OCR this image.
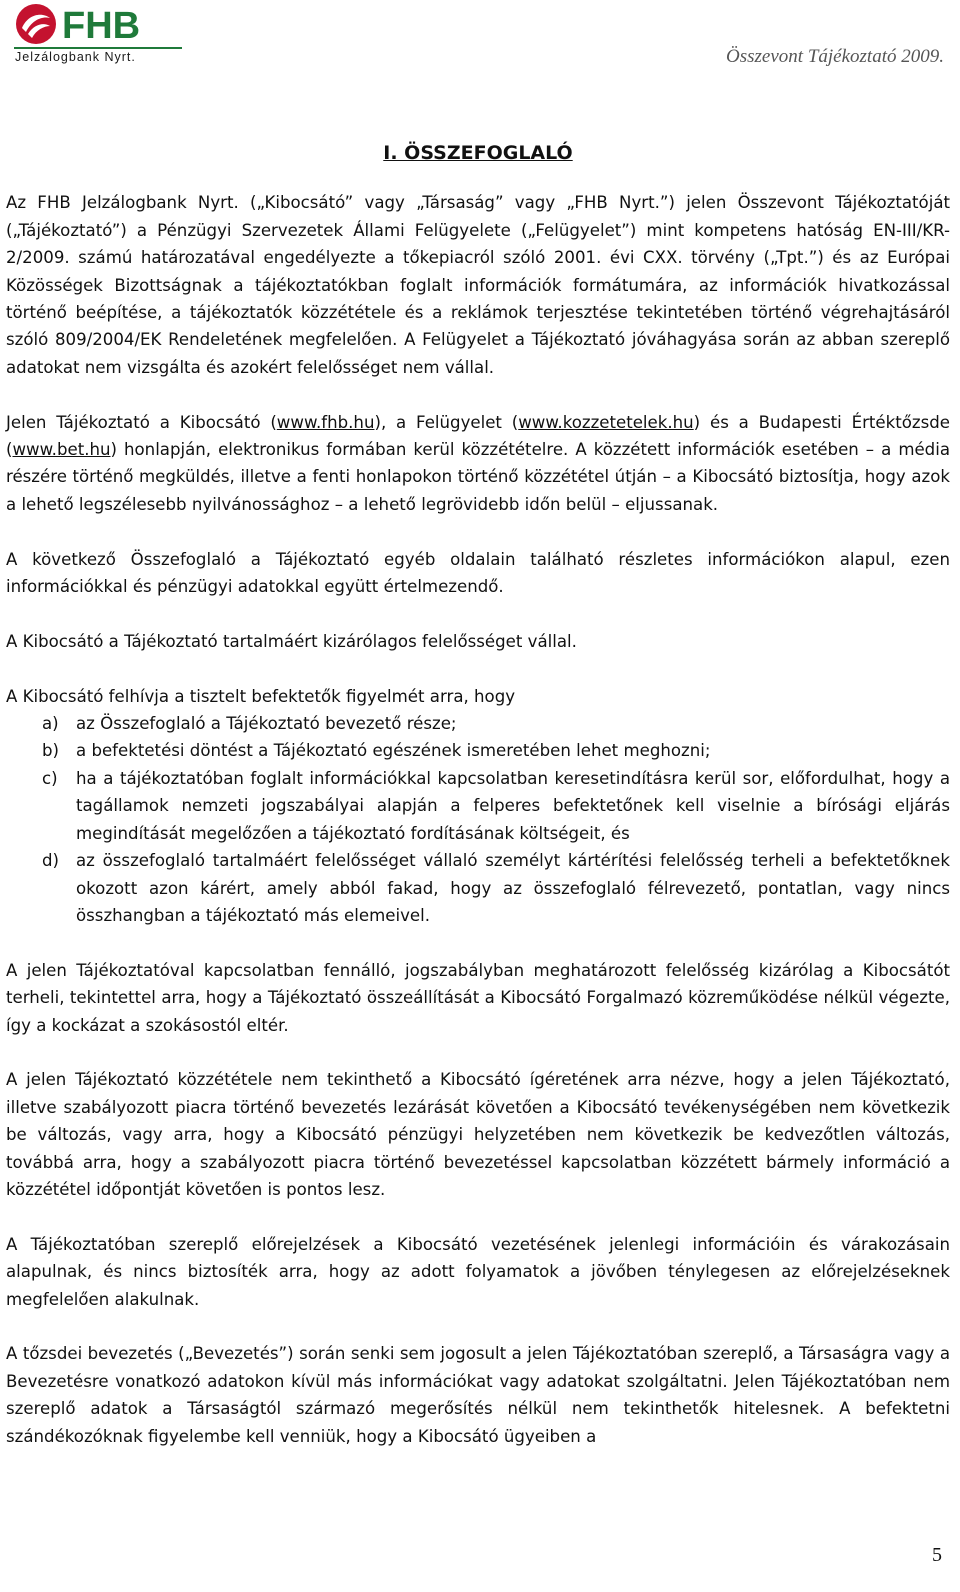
FHB
Jelzálogbank Nyrt.	Összevont Tájékoztató 2009.
I. ÖSSZEFOGLALÓ

Az FHB Jelzálogbank Nyrt. („Kibocsátó” vagy „Társaság” vagy „FHB Nyrt.”) jelen Összevont Tájékoztatóját („Tájékoztató”) a Pénzügyi Szervezetek Állami Felügyelete („Felügyelet”) mint kompetens hatóság EN-III/KR-2/2009. számú határozatával engedélyezte a tőkepiacról szóló 2001. évi CXX. törvény („Tpt.”) és az Európai Közösségek Bizottságnak a tájékoztatókban foglalt információk formátumára, az információk hivatkozással történő beépítése, a tájékoztatók közzététele és a reklámok terjesztése tekintetében történő végrehajtásáról szóló 809/2004/EK Rendeletének megfelelően. A Felügyelet a Tájékoztató jóváhagyása során az abban szereplő adatokat nem vizsgálta és azokért felelősséget nem vállal.

Jelen Tájékoztató a Kibocsátó (www.fhb.hu), a Felügyelet (www.kozzetetelek.hu) és a Budapesti Értéktőzsde (www.bet.hu) honlapján, elektronikus formában kerül közzétételre. A közzétett információk esetében – a média részére történő megküldés, illetve a fenti honlapokon történő közzététel útján – a Kibocsátó biztosítja, hogy azok a lehető legszélesebb nyilvánossághoz – a lehető legrövidebb időn belül – eljussanak.

A következő Összefoglaló a Tájékoztató egyéb oldalain található részletes információkon alapul, ezen információkkal és pénzügyi adatokkal együtt értelmezendő.

A Kibocsátó a Tájékoztató tartalmáért kizárólagos felelősséget vállal.

A Kibocsátó felhívja a tisztelt befektetők figyelmét arra, hogy

a)	az Összefoglaló a Tájékoztató bevezető része;
b)	a befektetési döntést a Tájékoztató egészének ismeretében lehet meghozni;
c)	ha a tájékoztatóban foglalt információkkal kapcsolatban keresetindításra kerül sor, előfordulhat, hogy a tagállamok nemzeti jogszabályai alapján a felperes befektetőnek kell viselnie a bírósági eljárás megindítását megelőzően a tájékoztató fordításának költségeit, és
d)	az összefoglaló tartalmáért felelősséget vállaló személyt kártérítési felelősség terheli a befektetőknek okozott azon kárért, amely abból fakad, hogy az összefoglaló félrevezető, pontatlan, vagy nincs összhangban a tájékoztató más elemeivel.

A jelen Tájékoztatóval kapcsolatban fennálló, jogszabályban meghatározott felelősség kizárólag a Kibocsátót terheli, tekintettel arra, hogy a Tájékoztató összeállítását a Kibocsátó Forgalmazó közreműködése nélkül végezte, így a kockázat a szokásostól eltér.

A jelen Tájékoztató közzététele nem tekinthető a Kibocsátó ígéretének arra nézve, hogy a jelen Tájékoztató, illetve szabályozott piacra történő bevezetés lezárását követően a Kibocsátó tevékenységében nem következik be változás, vagy arra, hogy a Kibocsátó pénzügyi helyzetében nem következik be kedvezőtlen változás, továbbá arra, hogy a szabályozott piacra történő bevezetéssel kapcsolatban közzétett bármely információ a közzététel időpontját követően is pontos lesz.

A Tájékoztatóban szereplő előrejelzések a Kibocsátó vezetésének jelenlegi információin és várakozásain alapulnak, és nincs biztosíték arra, hogy az adott folyamatok a jövőben ténylegesen az előrejelzéseknek megfelelően alakulnak.

A tőzsdei bevezetés („Bevezetés”) során senki sem jogosult a jelen Tájékoztatóban szereplő, a Társaságra vagy a Bevezetésre vonatkozó adatokon kívül más információkat vagy adatokat szolgáltatni. Jelen Tájékoztatóban nem szereplő adatok a Társaságtól származó megerősítés nélkül nem tekinthetők hitelesnek. A befektetni szándékozóknak figyelembe kell venniük, hogy a Kibocsátó ügyeiben a

5
